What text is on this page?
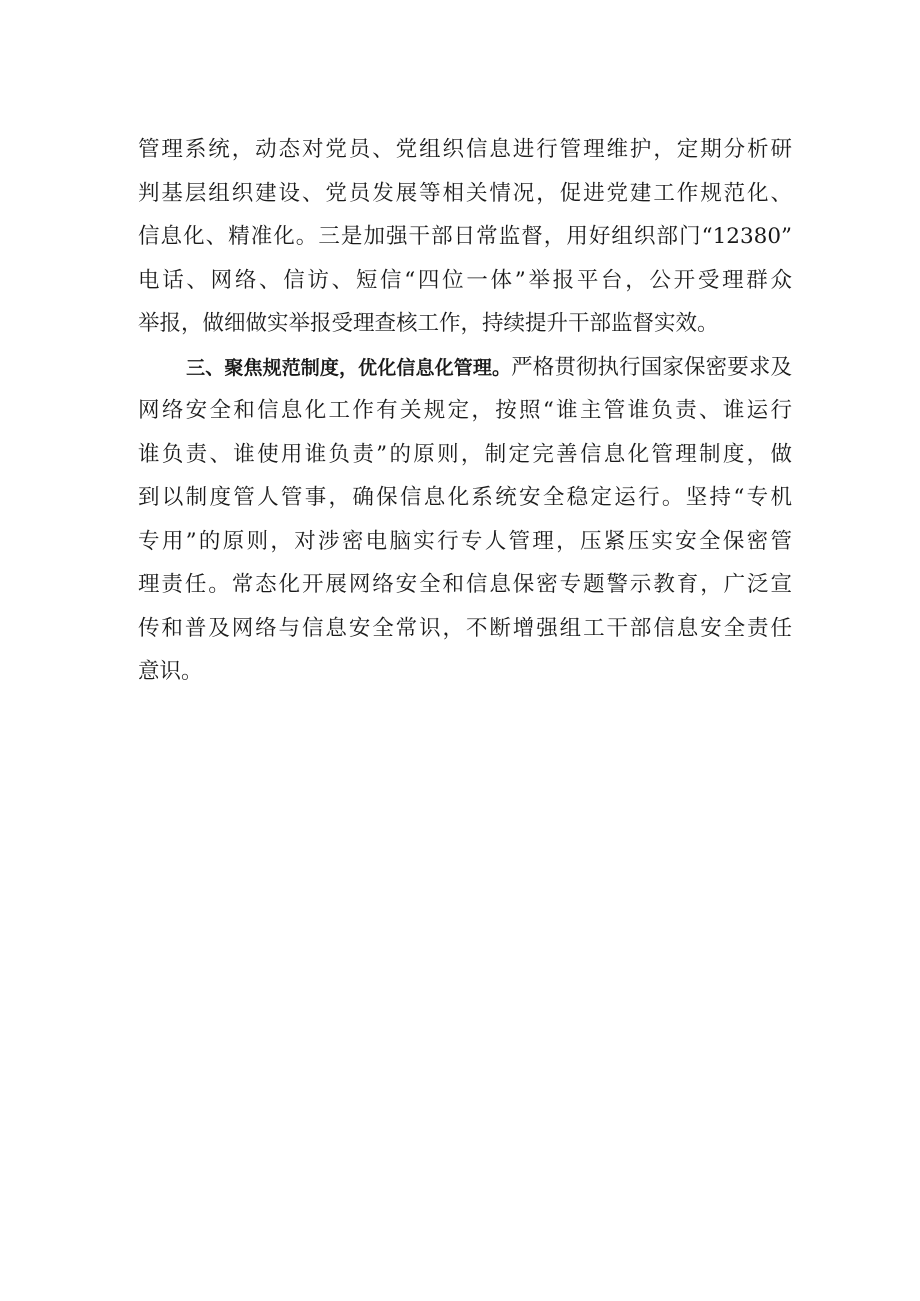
管理系统，动态对党员、党组织信息进行管理维护，定期分析研
判基层组织建设、党员发展等相关情况，促进党建工作规范化、
信息化、精准化。三是加强干部日常监督，用好组织部门“12380”
电话、网络、信访、短信“四位一体”举报平台，公开受理群众
举报，做细做实举报受理查核工作，持续提升干部监督实效。
三、聚焦规范制度，优化信息化管理。严格贯彻执行国家保密要求及
网络安全和信息化工作有关规定，按照“谁主管谁负责、谁运行
谁负责、谁使用谁负责”的原则，制定完善信息化管理制度，做
到以制度管人管事，确保信息化系统安全稳定运行。坚持“专机
专用”的原则，对涉密电脑实行专人管理，压紧压实安全保密管
理责任。常态化开展网络安全和信息保密专题警示教育，广泛宣
传和普及网络与信息安全常识，不断增强组工干部信息安全责任
意识。
